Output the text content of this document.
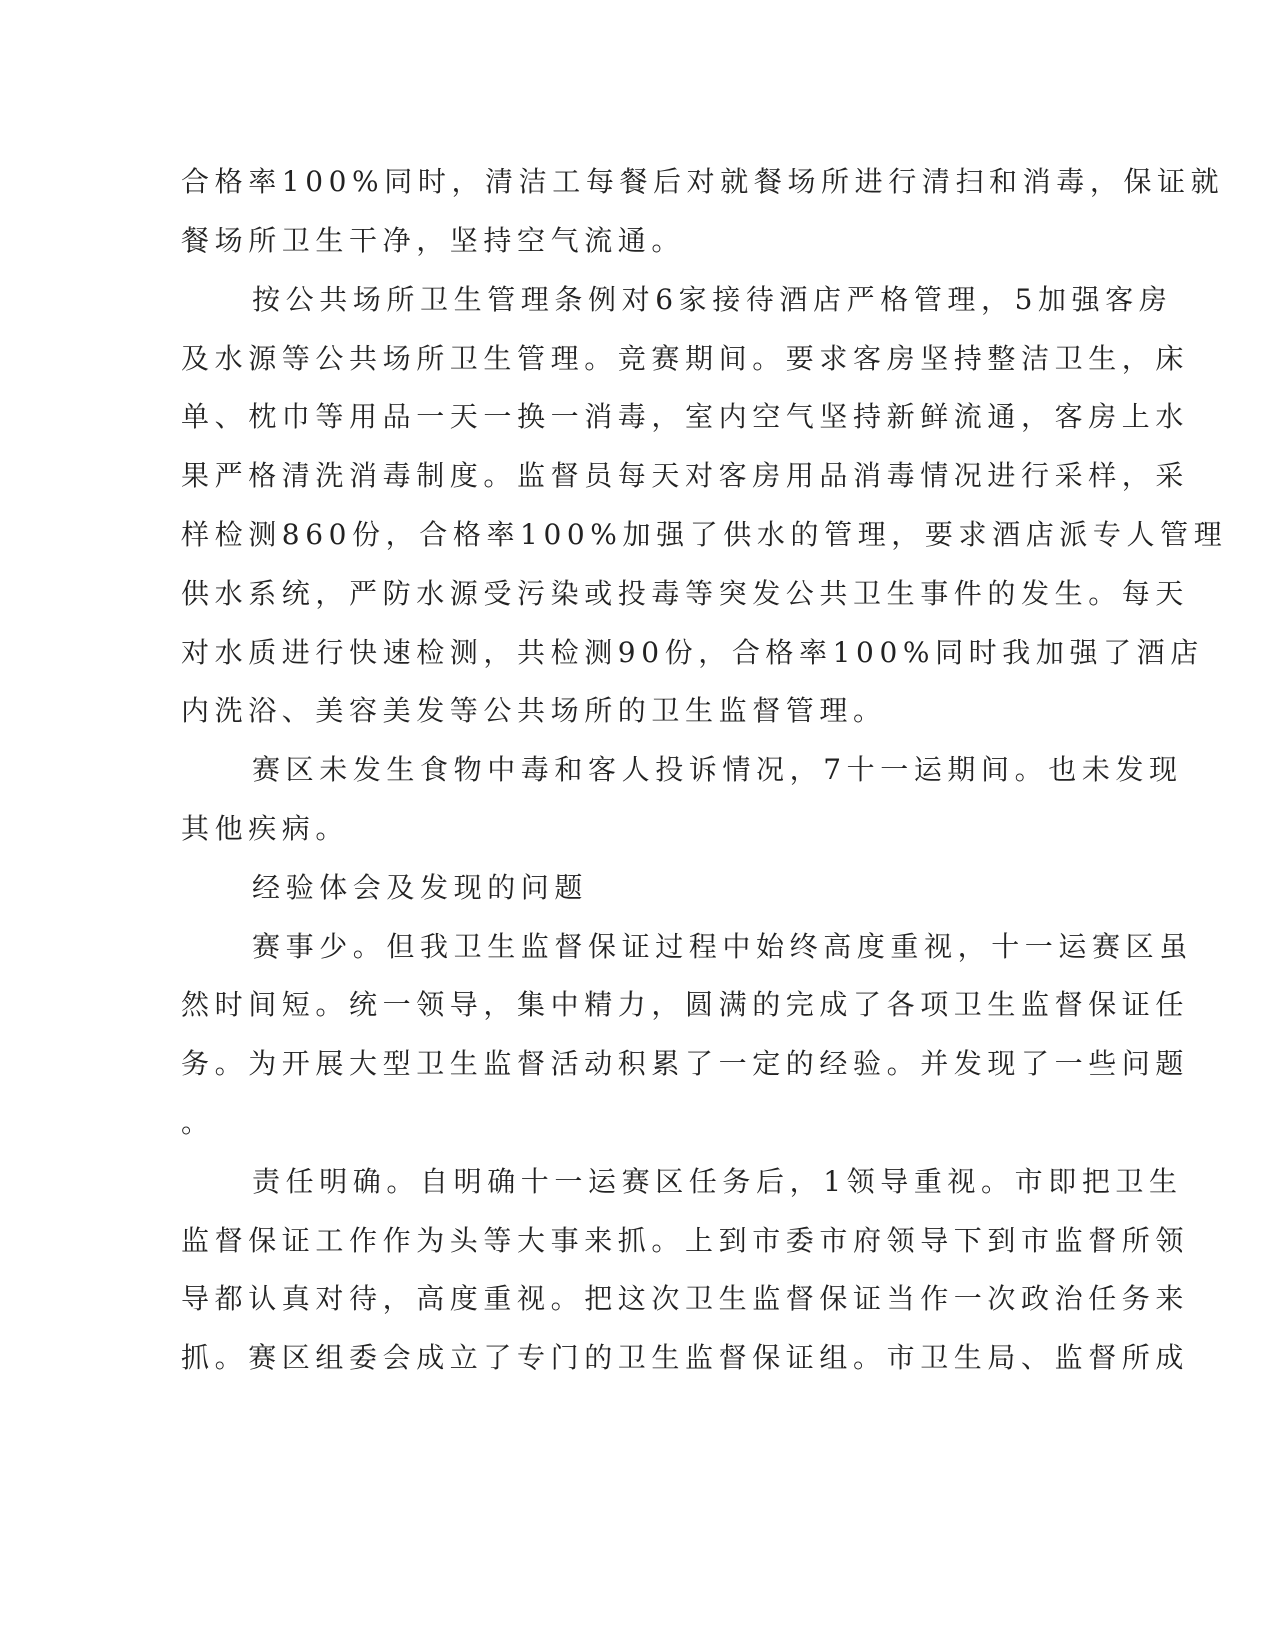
合格率100%同时，清洁工每餐后对就餐场所进行清扫和消毒，保证就
餐场所卫生干净，坚持空气流通。
按公共场所卫生管理条例对6家接待酒店严格管理，5加强客房
及水源等公共场所卫生管理。竞赛期间。要求客房坚持整洁卫生，床
单、枕巾等用品一天一换一消毒，室内空气坚持新鲜流通，客房上水
果严格清洗消毒制度。监督员每天对客房用品消毒情况进行采样，采
样检测860份，合格率100%加强了供水的管理，要求酒店派专人管理
供水系统，严防水源受污染或投毒等突发公共卫生事件的发生。每天
对水质进行快速检测，共检测90份，合格率100%同时我加强了酒店
内洗浴、美容美发等公共场所的卫生监督管理。
赛区未发生食物中毒和客人投诉情况，7十一运期间。也未发现
其他疾病。
经验体会及发现的问题
赛事少。但我卫生监督保证过程中始终高度重视，十一运赛区虽
然时间短。统一领导，集中精力，圆满的完成了各项卫生监督保证任
务。为开展大型卫生监督活动积累了一定的经验。并发现了一些问题
。
责任明确。自明确十一运赛区任务后，1领导重视。市即把卫生
监督保证工作作为头等大事来抓。上到市委市府领导下到市监督所领
导都认真对待，高度重视。把这次卫生监督保证当作一次政治任务来
抓。赛区组委会成立了专门的卫生监督保证组。市卫生局、监督所成
